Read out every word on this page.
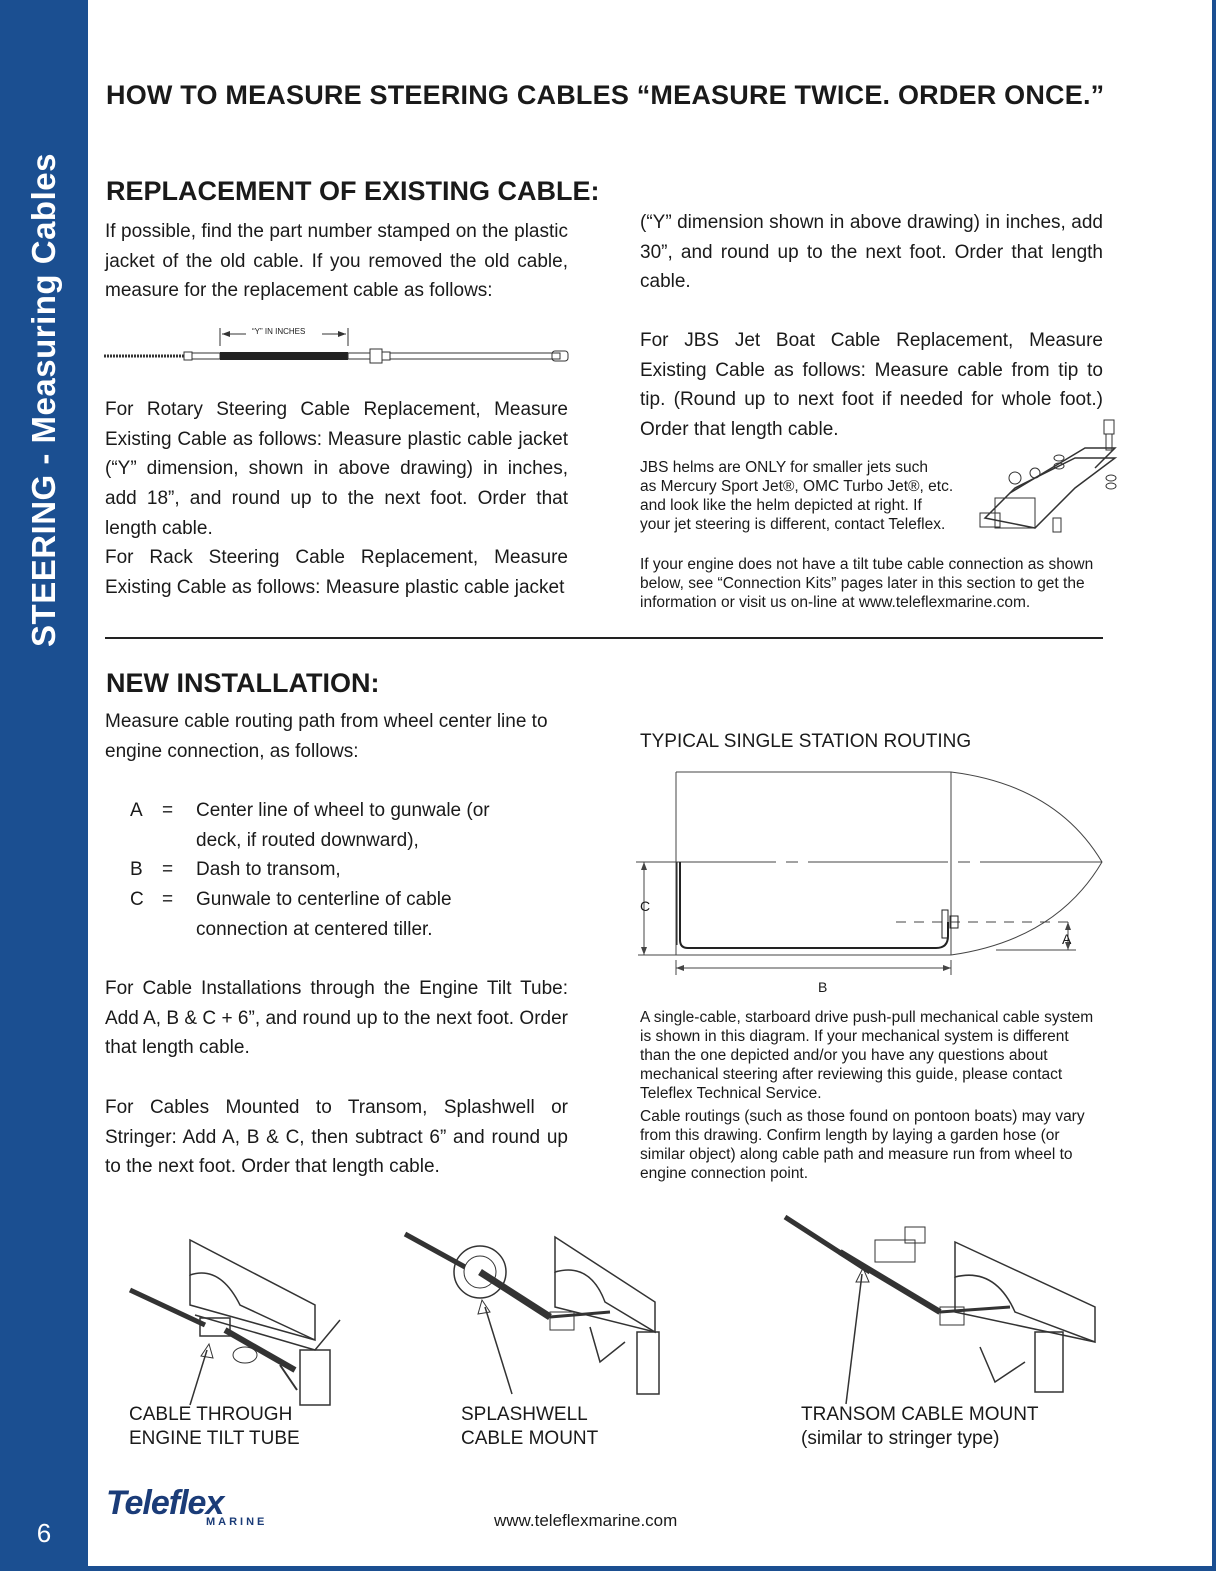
STEERING - Measuring Cables
6
HOW TO MEASURE STEERING CABLES “MEASURE TWICE. ORDER ONCE.”
REPLACEMENT OF EXISTING CABLE:

If possible, find the part number stamped on the plastic jacket of the old cable. If you removed the old cable, measure for the replacement cable as follows:

“Y” IN INCHES

For Rotary Steering Cable Replacement, Measure Existing Cable as follows: Measure plastic cable jacket (“Y” dimension, shown in above drawing) in inches, add 18”, and round up to the next foot. Order that length cable.

For Rack Steering Cable Replacement, Measure Existing Cable as follows: Measure plastic cable jacket

(“Y” dimension shown in above drawing) in inches, add 30”, and round up to the next foot. Order that length cable.

For JBS Jet Boat Cable Replacement, Measure Existing Cable as follows: Measure cable from tip to tip. (Round up to next foot if needed for whole foot.) Order that length cable.

JBS helms are ONLY for smaller jets such
as Mercury Sport Jet®, OMC Turbo Jet®, etc.
and look like the helm depicted at right. If
your jet steering is different, contact Teleflex.

If your engine does not have a tilt tube cable connection as shown below, see “Connection Kits” pages later in this section to get the information or visit us on-line at www.teleflexmarine.com.

NEW INSTALLATION:

Measure cable routing path from wheel center line to engine connection, as follows:

A	=	Center line of wheel to gunwale (or deck, if routed downward),
B	=	Dash to transom,
C =	Gunwale to centerline of cable connection at centered tiller.

For Cable Installations through the Engine Tilt Tube: Add A, B & C + 6”, and round up to the next foot. Order that length cable.

For Cables Mounted to Transom, Splashwell or Stringer: Add A, B & C, then subtract 6” and round up to the next foot. Order that length cable.

TYPICAL SINGLE STATION ROUTING

C
A
B

A single-cable, starboard drive push-pull mechanical cable system is shown in this diagram. If your mechanical system is different than the one depicted and/or you have any questions about mechanical steering after reviewing this guide, please contact Teleflex Technical Service.

Cable routings (such as those found on pontoon boats) may vary from this drawing. Confirm length by laying a garden hose (or similar object) along cable path and measure run from wheel to engine connection point.

CABLE THROUGH
ENGINE TILT TUBE
SPLASHWELL
CABLE MOUNT
TRANSOM CABLE MOUNT
(similar to stringer type)
Teleflex
MARINE	www.teleflexmarine.com
